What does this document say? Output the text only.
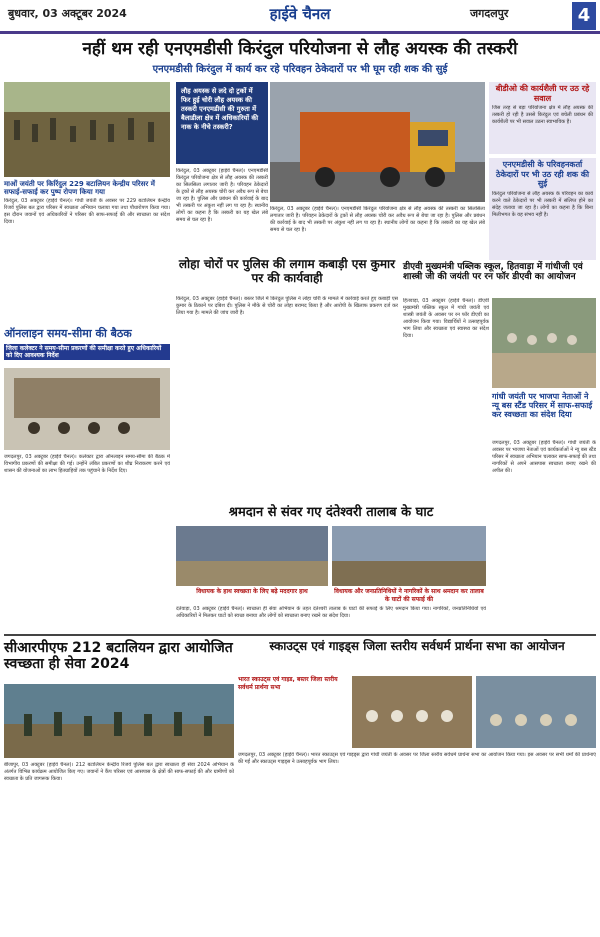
बुधवार, 03 अक्टूबर 2024	हाईवे चैनल	जगदलपुर	4
नहीं थम रही एनएमडीसी किरंदुल परियोजना से लौह अयस्क की तस्करी
एनएमडीसी किरंदुल में कार्य कर रहे परिवहन ठेकेदारों पर भी घूम रही शक की सुई
माओं जयंती पर किरिंदुल 229 बटालियन केन्द्रीय परिसर में सफाई-सफाई कर पुष्प रोपण किया गया
किरंदुल, 03 अक्टूबर (हाईवे चैनल)। गांधी जयंती के अवसर पर 229 बटालियन केन्द्रीय रिजर्व पुलिस बल द्वारा परिसर में स्वच्छता अभियान चलाया गया तथा पौधारोपण किया गया। इस दौरान जवानों एवं अधिकारियों ने परिसर की साफ-सफाई की और स्वच्छता का संदेश दिया।
लौह अयस्क से लदे दो ट्रकों में फिर हुई चोरी लौह अयस्क की तस्करी एनएमडीसी की गुरुता में बैलाडीला क्षेत्र में अधिकारियों की नाक के नीचे तस्करी?
किरंदुल, 03 अक्टूबर (हाईवे चैनल)। एनएमडीसी किरंदुल परियोजना क्षेत्र से लौह अयस्क की तस्करी का सिलसिला लगातार जारी है। परिवहन ठेकेदारों के ट्रकों से लौह अयस्क चोरी कर अवैध रूप से बेचा जा रहा है। पुलिस और प्रबंधन की कार्रवाई के बाद भी तस्करी पर अंकुश नहीं लग पा रहा है। स्थानीय लोगों का कहना है कि तस्करी का यह खेल लंबे समय से चल रहा है।
किरंदुल, 03 अक्टूबर (हाईवे चैनल)। एनएमडीसी किरंदुल परियोजना क्षेत्र से लौह अयस्क की तस्करी का सिलसिला लगातार जारी है। परिवहन ठेकेदारों के ट्रकों से लौह अयस्क चोरी कर अवैध रूप से बेचा जा रहा है। पुलिस और प्रबंधन की कार्रवाई के बाद भी तस्करी पर अंकुश नहीं लग पा रहा है। स्थानीय लोगों का कहना है कि तस्करी का यह खेल लंबे समय से चल रहा है।
बीडीओ की कार्यशैली पर उठ रहे सवाल
जिस तरह से बड़ा परियोजना क्षेत्र में लौह अयस्क की तस्करी हो रही है उससे किरंदुल एवं बचेली प्रबंधन की कार्यशैली पर भी सवाल उठना स्वाभाविक है।
एनएमडीसी के परिवहनकर्ता ठेकेदारों पर भी उठ रही शक की सुई
किरंदुल परियोजना से लौह अयस्क के परिवहन का कार्य करने वाले ठेकेदारों पर भी तस्करी में संलिप्त होने का संदेह जताया जा रहा है। लोगों का कहना है कि बिना मिलीभगत के यह संभव नहीं है।
लोहा चोरों पर पुलिस की लगाम कबाड़ी एस कुमार पर की कार्यवाही
किरंदुल, 03 अक्टूबर (हाईवे चैनल)। बस्तर जिले में किरंदुल पुलिस ने लोहा चोरी के मामले में कार्रवाई करते हुए कबाड़ी एस कुमार के ठिकाने पर दबिश दी। पुलिस ने मौके से चोरी का लोहा बरामद किया है और आरोपी के खिलाफ प्रकरण दर्ज कर लिया गया है। मामले की जांच जारी है।
डीएवी मुख्यमंत्री पब्लिक स्कूल, हितवाड़ा में गांधीजी एवं शास्त्री जी की जयंती पर रन फॉर डीएवी का आयोजन
हितवाड़ा, 03 अक्टूबर (हाईवे चैनल)। डीएवी मुख्यमंत्री पब्लिक स्कूल में गांधी जयंती एवं शास्त्री जयंती के अवसर पर रन फॉर डीएवी का आयोजन किया गया। विद्यार्थियों ने उत्साहपूर्वक भाग लिया और स्वच्छता एवं स्वास्थ्य का संदेश दिया।
ऑनलाइन समय-सीमा की बैठक
जिला कलेक्टर ने समय-सीमा प्रकरणों की समीक्षा करते हुए अधिकारियों को दिए आवश्यक निर्देश
जगदलपुर, 03 अक्टूबर (हाईवे चैनल)। कलेक्टर द्वारा ऑनलाइन समय-सीमा की बैठक में विभागीय प्रकरणों की समीक्षा की गई। उन्होंने लंबित प्रकरणों का शीघ्र निराकरण करने एवं शासन की योजनाओं का लाभ हितग्राहियों तक पहुंचाने के निर्देश दिए।
श्रमदान से संवर गए दंतेश्वरी तालाब के घाट
विधायक के हाथ स्वच्छता के लिए बढ़े मददगार हाथ	विधायक और जनप्रतिनिधियों ने नागरिकों के साथ श्रमदान कर तालाब के घाटों की सफाई की
दंतेवाड़ा, 03 अक्टूबर (हाईवे चैनल)। स्वच्छता ही सेवा अभियान के तहत दंतेश्वरी तालाब के घाटों की सफाई के लिए श्रमदान किया गया। नागरिकों, जनप्रतिनिधियों एवं अधिकारियों ने मिलकर घाटों को स्वच्छ बनाया और लोगों को स्वच्छता बनाए रखने का संदेश दिया।
गांधी जयंती पर भाजपा नेताओं ने न्यू बस स्टैंड परिसर में साफ-सफाई कर स्वच्छता का संदेश दिया
जगदलपुर, 03 अक्टूबर (हाईवे चैनल)। गांधी जयंती के अवसर पर भाजपा नेताओं एवं कार्यकर्ताओं ने न्यू बस स्टैंड परिसर में स्वच्छता अभियान चलाकर साफ-सफाई की तथा नागरिकों से अपने आसपास स्वच्छता बनाए रखने की अपील की।
सीआरपीएफ 212 बटालियन द्वारा आयोजित स्वच्छता ही सेवा 2024
बीजापुर, 03 अक्टूबर (हाईवे चैनल)। 212 बटालियन केन्द्रीय रिजर्व पुलिस बल द्वारा स्वच्छता ही सेवा 2024 अभियान के अंतर्गत विभिन्न कार्यक्रम आयोजित किए गए। जवानों ने कैंप परिसर एवं आसपास के क्षेत्रों की साफ-सफाई की और ग्रामीणों को स्वच्छता के प्रति जागरूक किया।
स्काउट्स एवं गाइड्स जिला स्तरीय सर्वधर्म प्रार्थना सभा का आयोजन
भारत स्काउट्स एवं गाइड, बस्तर जिला स्तरीय सर्वधर्म प्रार्थना सभा
जगदलपुर, 03 अक्टूबर (हाईवे चैनल)। भारत स्काउट्स एवं गाइड्स द्वारा गांधी जयंती के अवसर पर जिला स्तरीय सर्वधर्म प्रार्थना सभा का आयोजन किया गया। इस अवसर पर सभी धर्मों की प्रार्थनाएं की गईं और स्काउट्स गाइड्स ने उत्साहपूर्वक भाग लिया।
